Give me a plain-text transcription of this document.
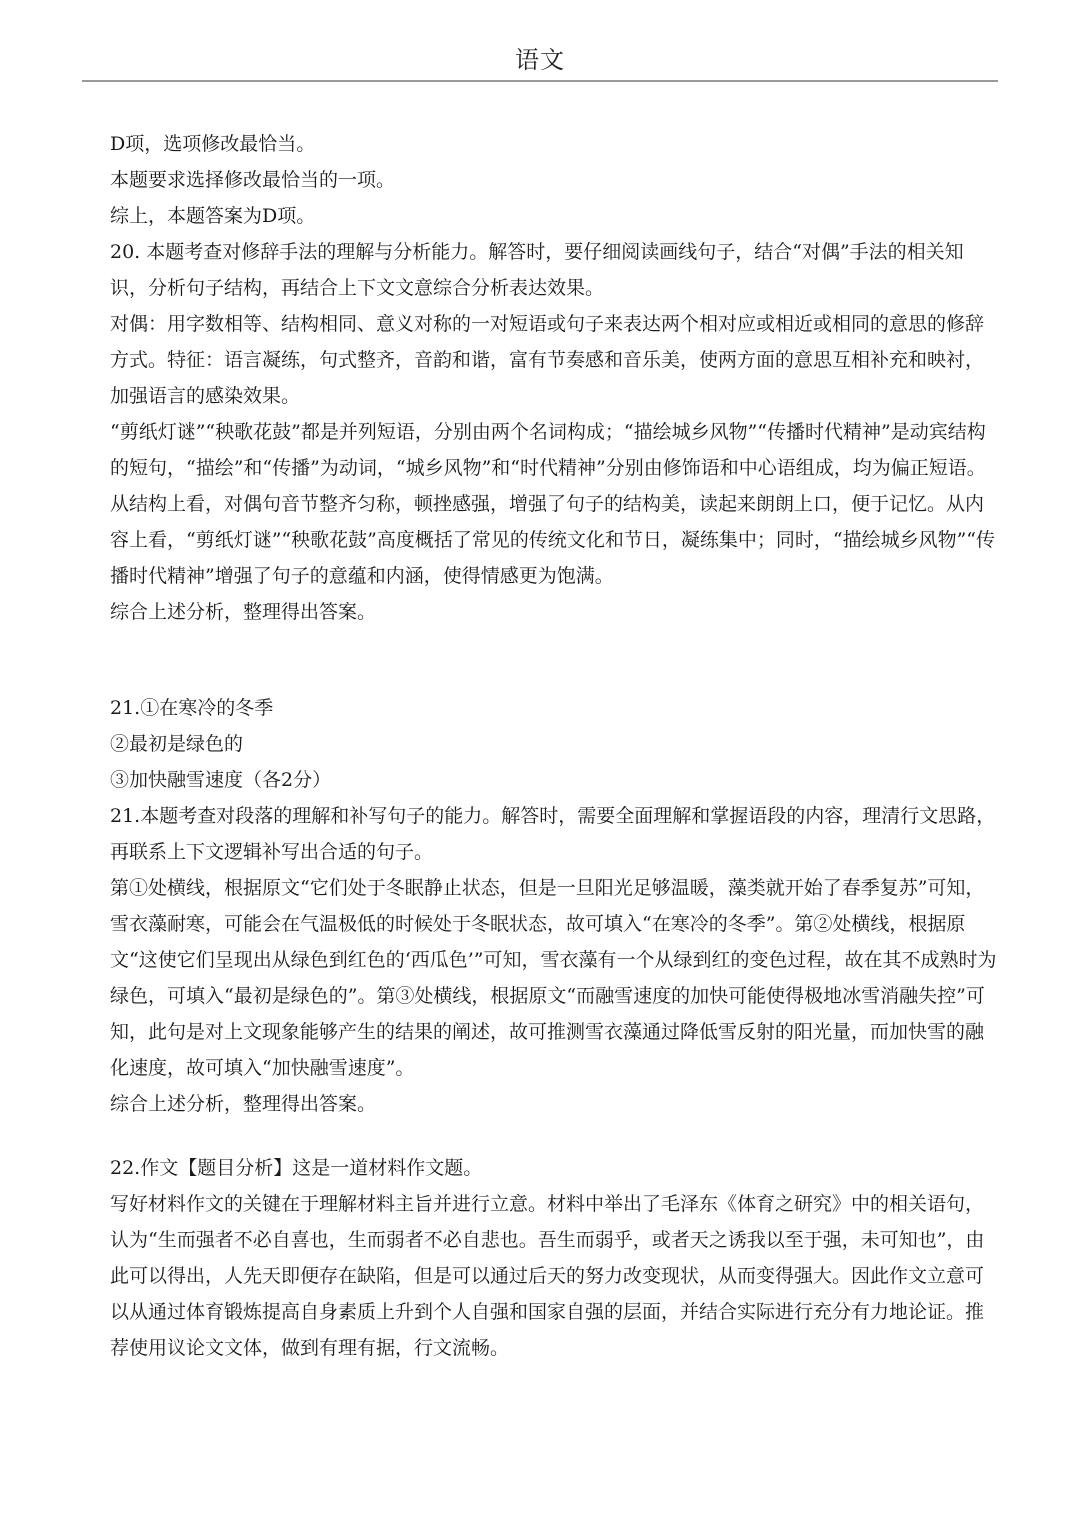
语文

D项，选项修改最恰当。

本题要求选择修改最恰当的一项。

综上，本题答案为D项。

20. 本题考查对修辞手法的理解与分析能力。解答时，要仔细阅读画线句子，结合“对偶”手法的相关知识，分析句子结构，再结合上下文文意综合分析表达效果。

对偶：用字数相等、结构相同、意义对称的一对短语或句子来表达两个相对应或相近或相同的意思的修辞方式。特征：语言凝练，句式整齐，音韵和谐，富有节奏感和音乐美，使两方面的意思互相补充和映衬，加强语言的感染效果。

“剪纸灯谜”“秧歌花鼓”都是并列短语，分别由两个名词构成；“描绘城乡风物”“传播时代精神”是动宾结构的短句，“描绘”和“传播”为动词，“城乡风物”和“时代精神”分别由修饰语和中心语组成，均为偏正短语。从结构上看，对偶句音节整齐匀称，顿挫感强，增强了句子的结构美，读起来朗朗上口，便于记忆。从内容上看，“剪纸灯谜”“秧歌花鼓”高度概括了常见的传统文化和节日，凝练集中；同时，“描绘城乡风物”“传播时代精神”增强了句子的意蕴和内涵，使得情感更为饱满。

综合上述分析，整理得出答案。

21.①在寒冷的冬季

②最初是绿色的

③加快融雪速度（各2分）

21.本题考查对段落的理解和补写句子的能力。解答时，需要全面理解和掌握语段的内容，理清行文思路，再联系上下文逻辑补写出合适的句子。

第①处横线，根据原文“它们处于冬眠静止状态，但是一旦阳光足够温暖，藻类就开始了春季复苏”可知，雪衣藻耐寒，可能会在气温极低的时候处于冬眠状态，故可填入“在寒冷的冬季”。第②处横线，根据原文“这使它们呈现出从绿色到红色的‘西瓜色’”可知，雪衣藻有一个从绿到红的变色过程，故在其不成熟时为绿色，可填入“最初是绿色的”。第③处横线，根据原文“而融雪速度的加快可能使得极地冰雪消融失控”可知，此句是对上文现象能够产生的结果的阐述，故可推测雪衣藻通过降低雪反射的阳光量，而加快雪的融化速度，故可填入“加快融雪速度”。

综合上述分析，整理得出答案。

22.作文【题目分析】这是一道材料作文题。

写好材料作文的关键在于理解材料主旨并进行立意。材料中举出了毛泽东《体育之研究》中的相关语句，认为“生而强者不必自喜也，生而弱者不必自悲也。吾生而弱乎，或者天之诱我以至于强，未可知也”，由此可以得出，人先天即便存在缺陷，但是可以通过后天的努力改变现状，从而变得强大。因此作文立意可以从通过体育锻炼提高自身素质上升到个人自强和国家自强的层面，并结合实际进行充分有力地论证。推荐使用议论文文体，做到有理有据，行文流畅。
